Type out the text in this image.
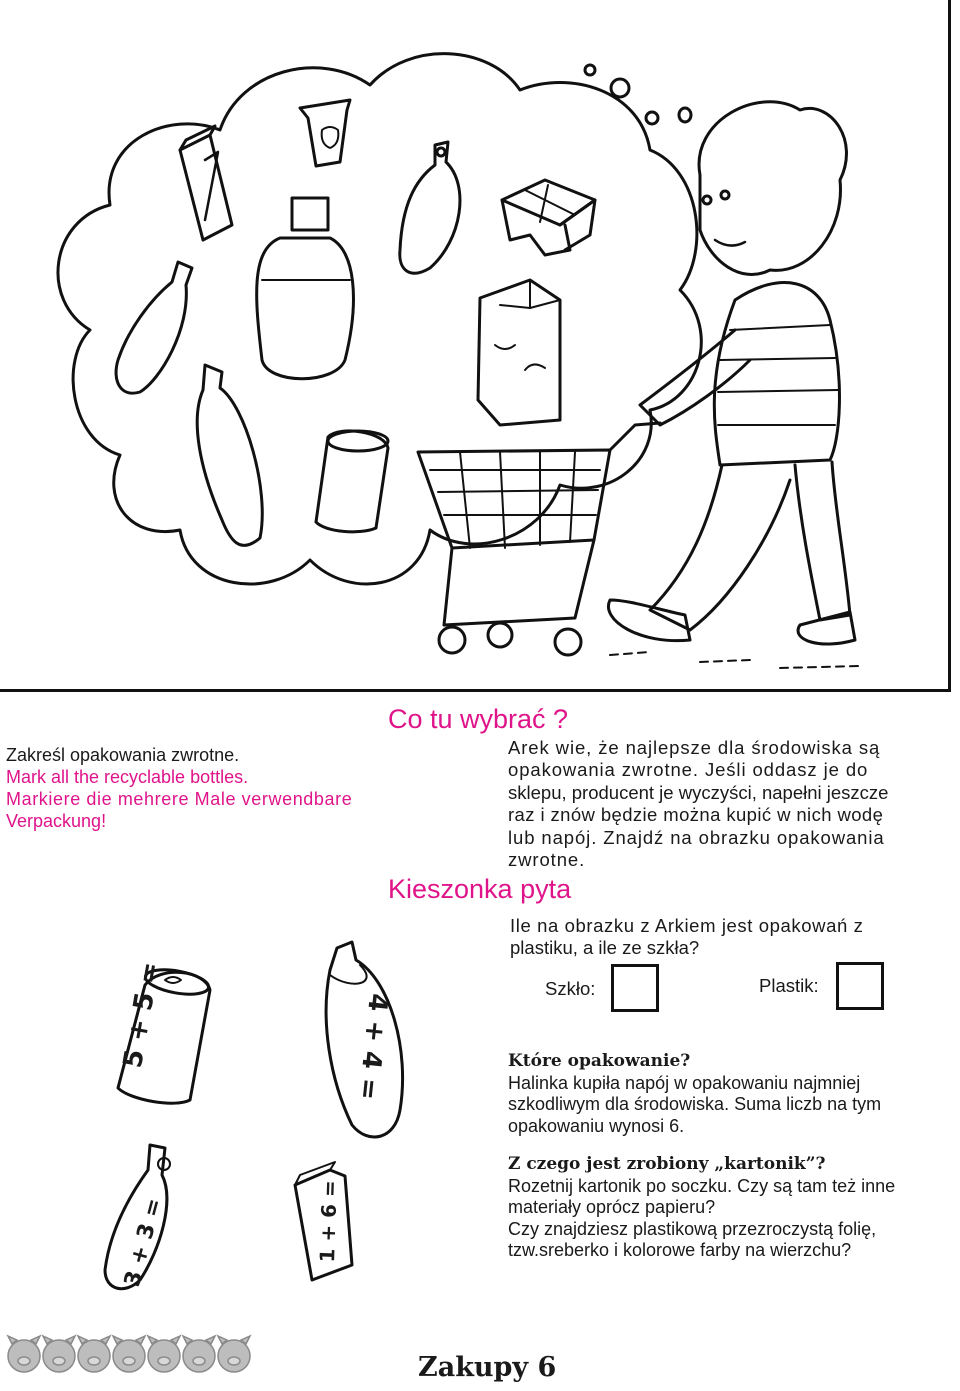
Zakreśl opakowania zwrotne.
Mark all the recyclable bottles.
Markiere die mehrere Male verwendbare
Verpackung!
Co tu wybrać ?
Arek wie, że najlepsze dla środowiska są
opakowania zwrotne. Jeśli oddasz je do
sklepu, producent je wyczyści, napełni jeszcze
raz i znów będzie można kupić w nich wodę
lub napój. Znajdź na obrazku opakowania
zwrotne.
Kieszonka pyta
Ile na obrazku z Arkiem jest opakowań z
plastiku, a ile ze szkła?
Szkło:	Plastik:
5 + 5 =	4 + 4 =
3 + 3 =	1 + 6 =
Które opakowanie?
Halinka kupiła napój w opakowaniu najmniej
szkodliwym dla środowiska. Suma liczb na tym
opakowaniu wynosi 6.
Z czego jest zrobiony „kartonik”?
Rozetnij kartonik po soczku. Czy są tam też inne
materiały oprócz papieru?
Czy znajdziesz plastikową przezroczystą folię,
tzw.sreberko i kolorowe farby na wierzchu?
Zakupy 6
